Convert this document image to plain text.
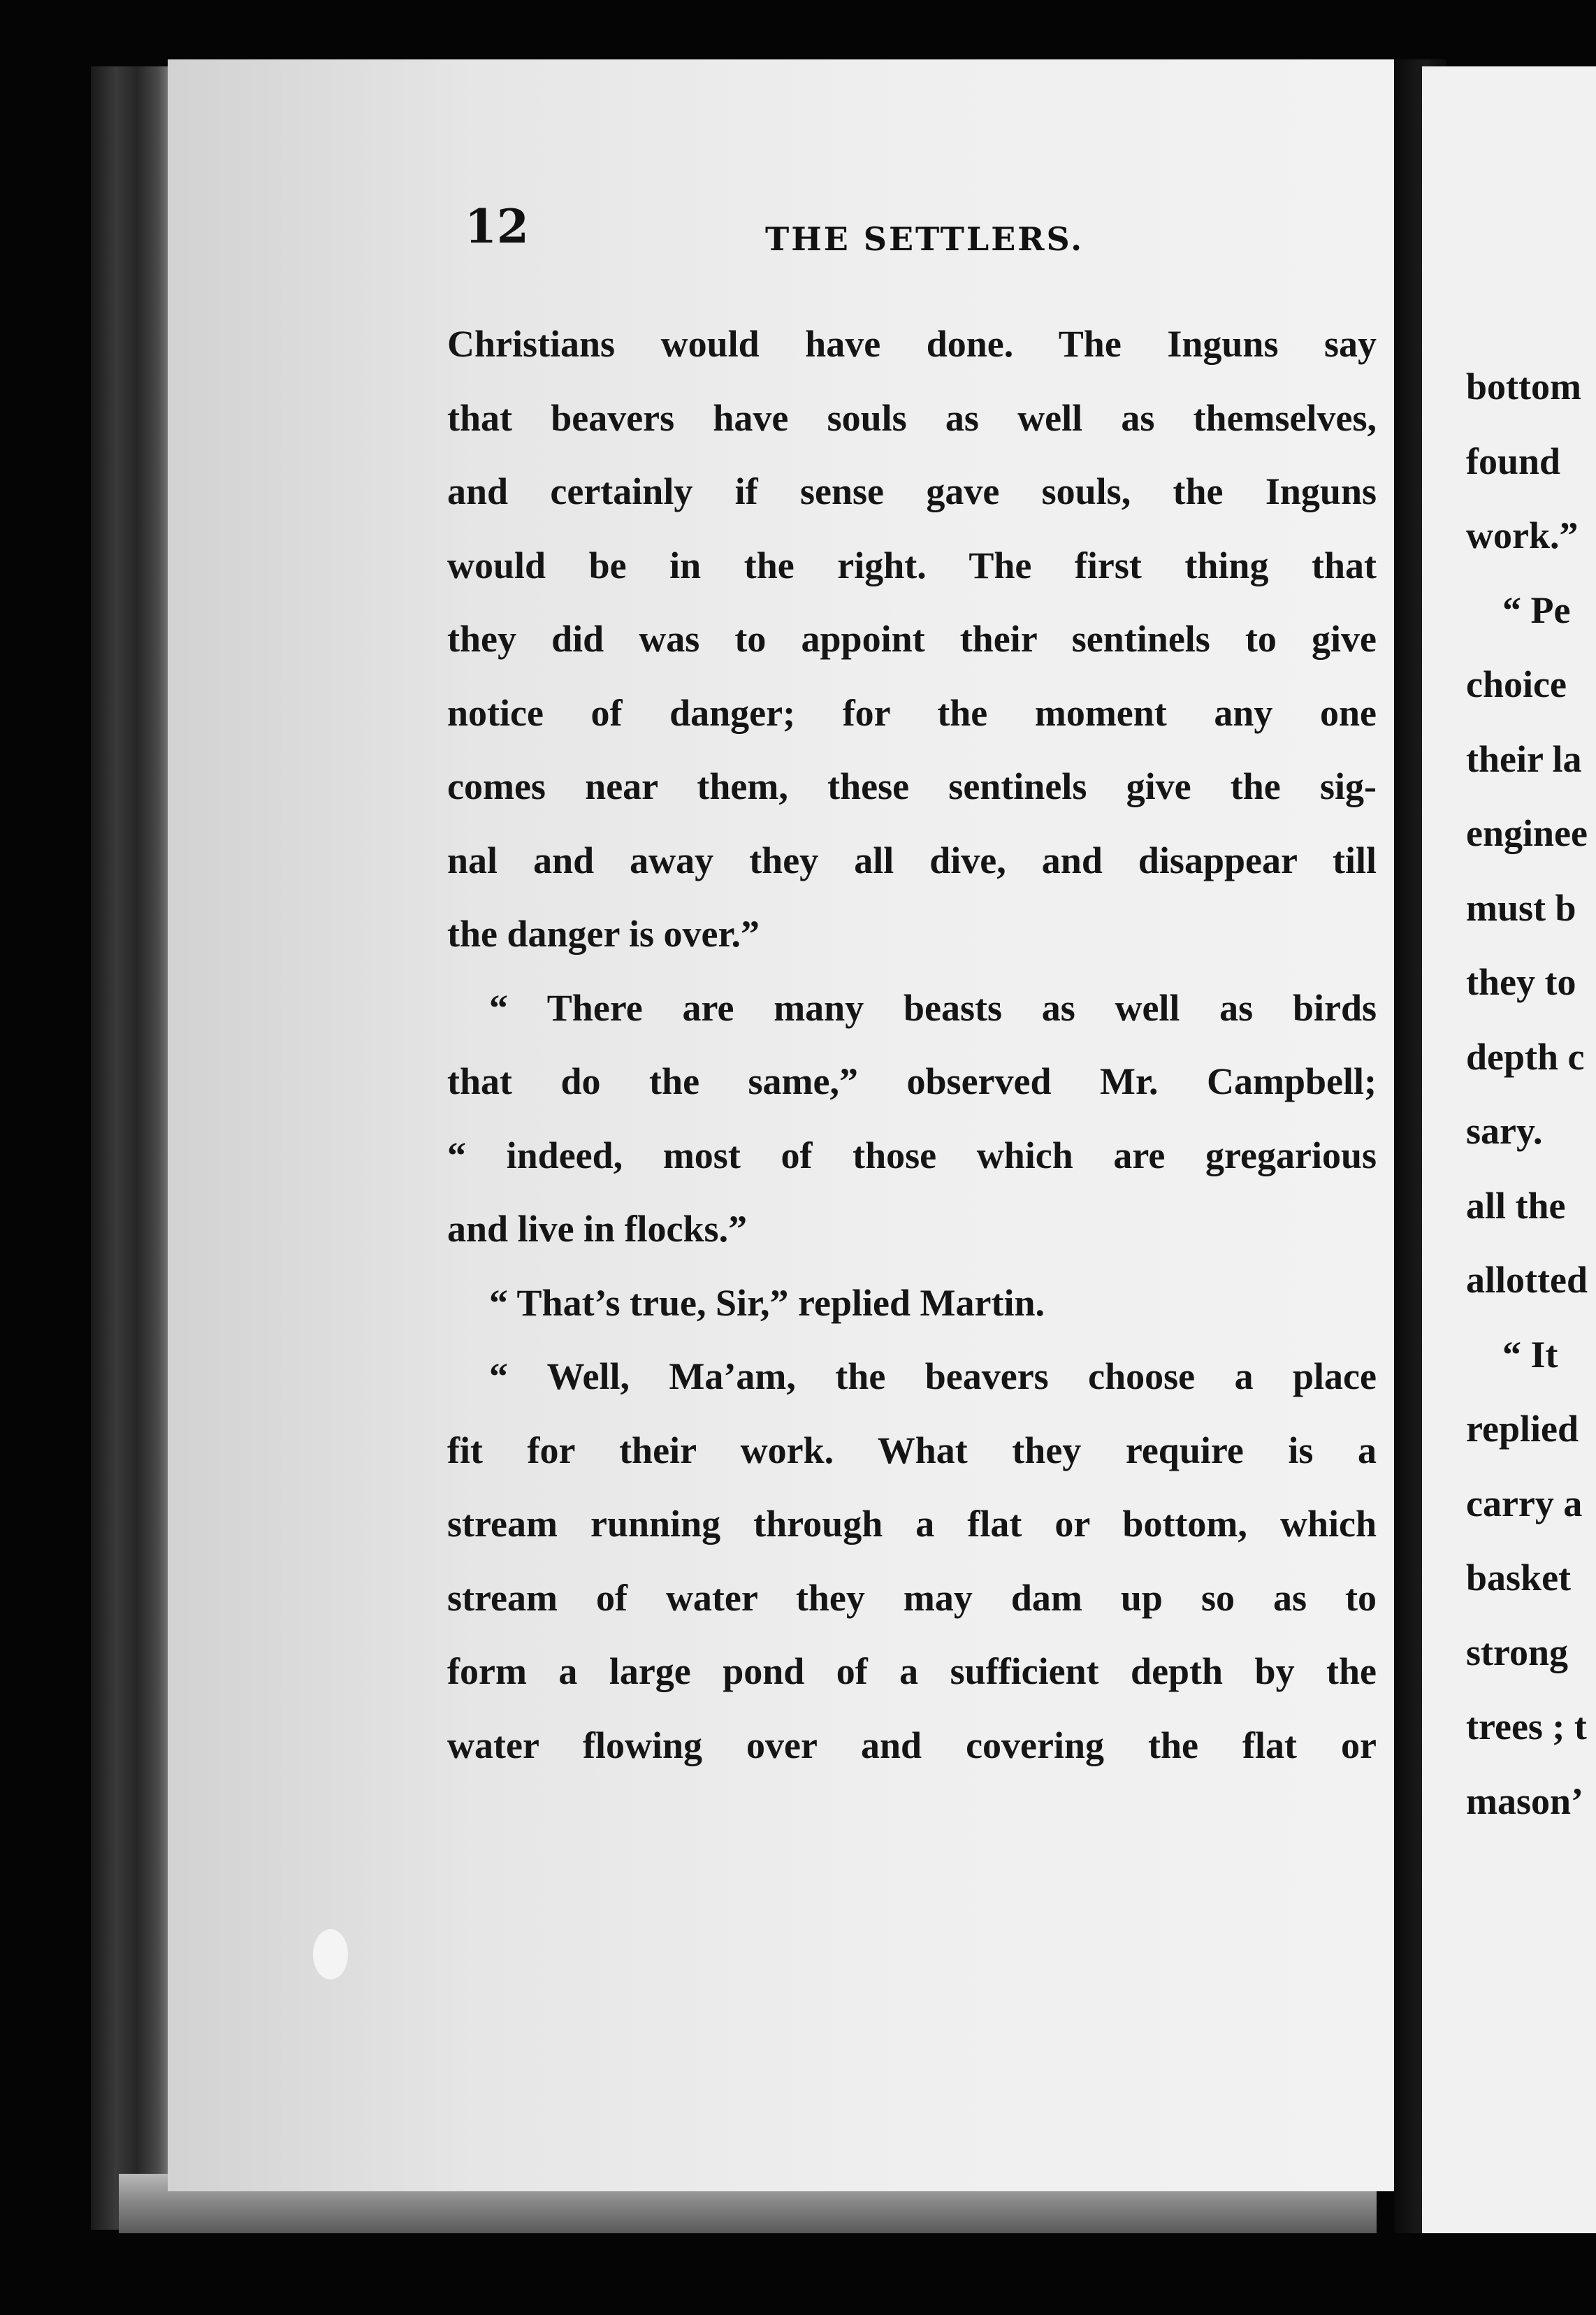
12	THE SETTLERS.
Christians would have done. The Inguns say
that beavers have souls as well as themselves,
and certainly if sense gave souls, the Inguns
would be in the right. The first thing that
they did was to appoint their sentinels to give
notice of danger; for the moment any one
comes near them, these sentinels give the sig-
nal and away they all dive, and disappear till
the danger is over.”
“ There are many beasts as well as birds
that do the same,” observed Mr. Campbell;
“ indeed, most of those which are gregarious
and live in flocks.”
“ That’s true, Sir,” replied Martin.
“ Well, Ma’am, the beavers choose a place
fit for their work. What they require is a
stream running through a flat or bottom, which
stream of water they may dam up so as to
form a large pond of a sufficient depth by the
water flowing over and covering the flat or
bottom
found
work.”
“ Pe
choice
their la
enginee
must b
they to
depth c
sary.
all the
allotted
“ It
replied
carry a
basket
strong
trees ; t
mason’
